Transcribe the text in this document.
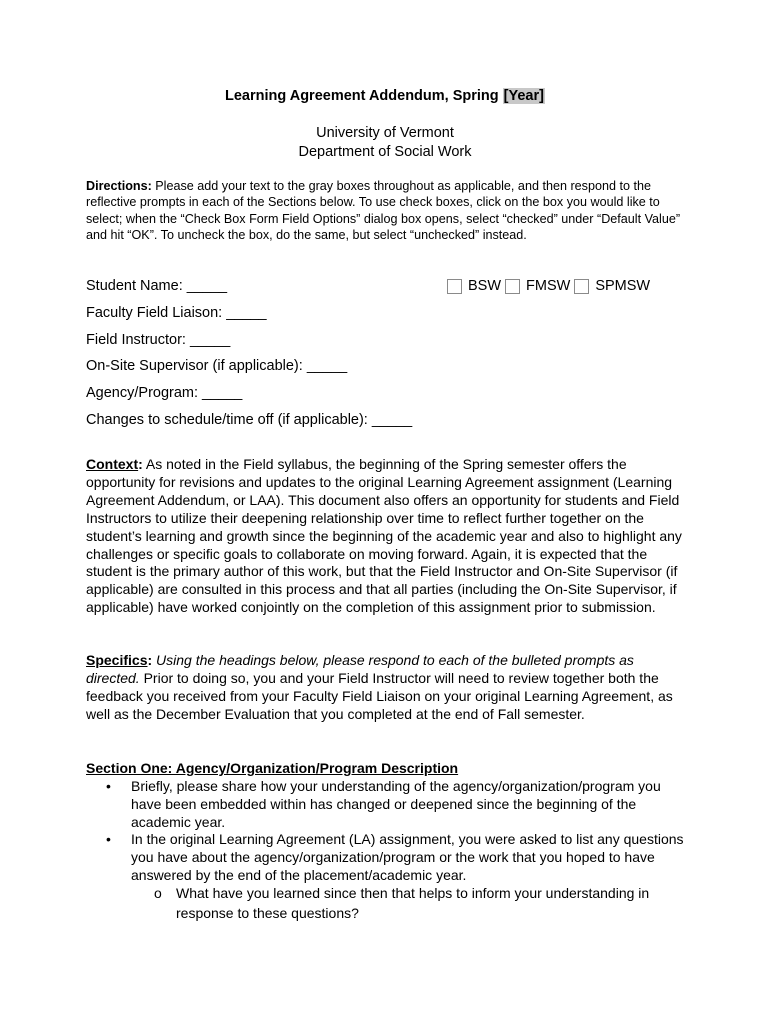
Learning Agreement Addendum, Spring [Year]
University of Vermont
Department of Social Work
Directions: Please add your text to the gray boxes throughout as applicable, and then respond to the reflective prompts in each of the Sections below. To use check boxes, click on the box you would like to select; when the “Check Box Form Field Options” dialog box opens, select “checked” under “Default Value” and hit “OK”. To uncheck the box, do the same, but select “unchecked” instead.
Student Name: _____	BSW FMSW SPMSW
Faculty Field Liaison: _____
Field Instructor: _____
On-Site Supervisor (if applicable): _____
Agency/Program: _____
Changes to schedule/time off (if applicable): _____
Context: As noted in the Field syllabus, the beginning of the Spring semester offers the opportunity for revisions and updates to the original Learning Agreement assignment (Learning Agreement Addendum, or LAA). This document also offers an opportunity for students and Field Instructors to utilize their deepening relationship over time to reflect further together on the student’s learning and growth since the beginning of the academic year and also to highlight any challenges or specific goals to collaborate on moving forward. Again, it is expected that the student is the primary author of this work, but that the Field Instructor and On-Site Supervisor (if applicable) are consulted in this process and that all parties (including the On-Site Supervisor, if applicable) have worked conjointly on the completion of this assignment prior to submission.
Specifics: Using the headings below, please respond to each of the bulleted prompts as directed. Prior to doing so, you and your Field Instructor will need to review together both the feedback you received from your Faculty Field Liaison on your original Learning Agreement, as well as the December Evaluation that you completed at the end of Fall semester.
Section One: Agency/Organization/Program Description
•	Briefly, please share how your understanding of the agency/organization/program you have been embedded within has changed or deepened since the beginning of the academic year.
•	In the original Learning Agreement (LA) assignment, you were asked to list any questions you have about the agency/organization/program or the work that you hoped to have answered by the end of the placement/academic year.
o	What have you learned since then that helps to inform your understanding in response to these questions?
